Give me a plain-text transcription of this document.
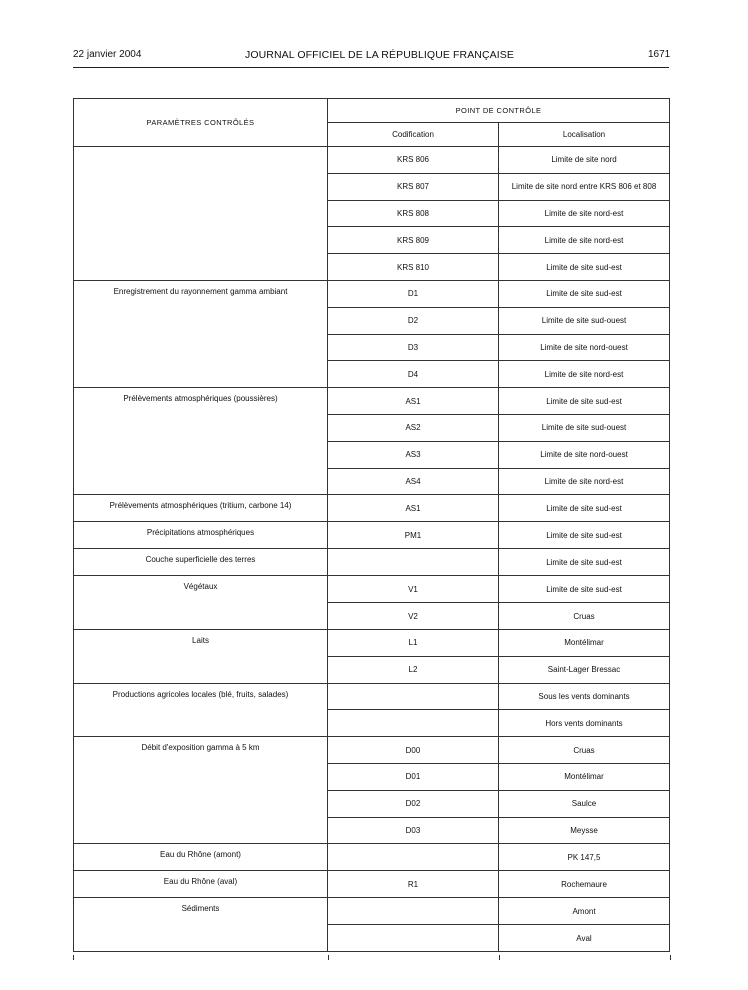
22 janvier 2004	JOURNAL OFFICIEL DE LA RÉPUBLIQUE FRANÇAISE	1671
PARAMÈTRES CONTRÔLÉS	POINT DE CONTRÔLE	
	Codification	Localisation
	KRS 806	Limite de site nord
	KRS 807	Limite de site nord entre KRS 806 et 808
	KRS 808	Limite de site nord-est
	KRS 809	Limite de site nord-est
	KRS 810	Limite de site sud-est
Enregistrement du rayonnement gamma ambiant	D1	Limite de site sud-est
	D2	Limite de site sud-ouest
	D3	Limite de site nord-ouest
	D4	Limite de site nord-est
Prélèvements atmosphériques (poussières)	AS1	Limite de site sud-est
	AS2	Limite de site sud-ouest
	AS3	Limite de site nord-ouest
	AS4	Limite de site nord-est
Prélèvements atmosphériques (tritium, carbone 14)	AS1	Limite de site sud-est
Précipitations atmosphériques	PM1	Limite de site sud-est
Couche superficielle des terres		Limite de site sud-est
Végétaux	V1	Limite de site sud-est
	V2	Cruas
Laits	L1	Montélimar
	L2	Saint-Lager Bressac
Productions agricoles locales (blé, fruits, salades)		Sous les vents dominants
		Hors vents dominants
Débit d'exposition gamma à 5 km	D00	Cruas
	D01	Montélimar
	D02	Saulce
	D03	Meysse
Eau du Rhône (amont)		PK 147,5
Eau du Rhône (aval)	R1	Rochemaure
Sédiments		Amont
		Aval
